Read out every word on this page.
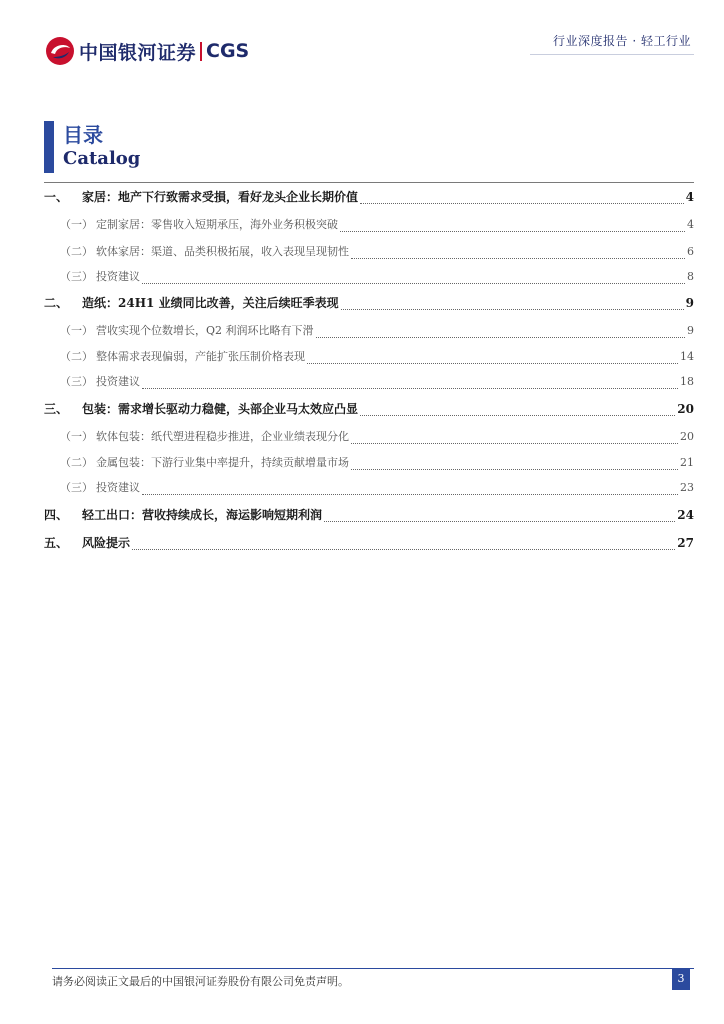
中国银河证券 CGS	行业深度报告 · 轻工行业
目录
Catalog
一、	家居：地产下行致需求受損，看好龙头企业长期价值	4
（一） 定制家居：零售收入短期承压，海外业务积极突破	4
（二） 软体家居：渠道、品类积极拓展，收入表现呈现韧性	6
（三） 投资建议	8
二、	造纸：24H1 业绩同比改善，关注后续旺季表现	9
（一） 营收实现个位数增长，Q2 利润环比略有下滑	9
（二） 整体需求表现偏弱，产能扩张压制价格表现	14
（三） 投资建议	18
三、	包装：需求增长驱动力稳健，头部企业马太效应凸显	20
（一） 软体包装：纸代塑进程稳步推进，企业业绩表现分化	20
（二） 金属包装：下游行业集中率提升，持续贡献增量市场	21
（三） 投资建议	23
四、	轻工出口：营收持续成长，海运影响短期利润	24
五、	风险提示	27
请务必阅读正文最后的中国银河证券股份有限公司免责声明。	3
